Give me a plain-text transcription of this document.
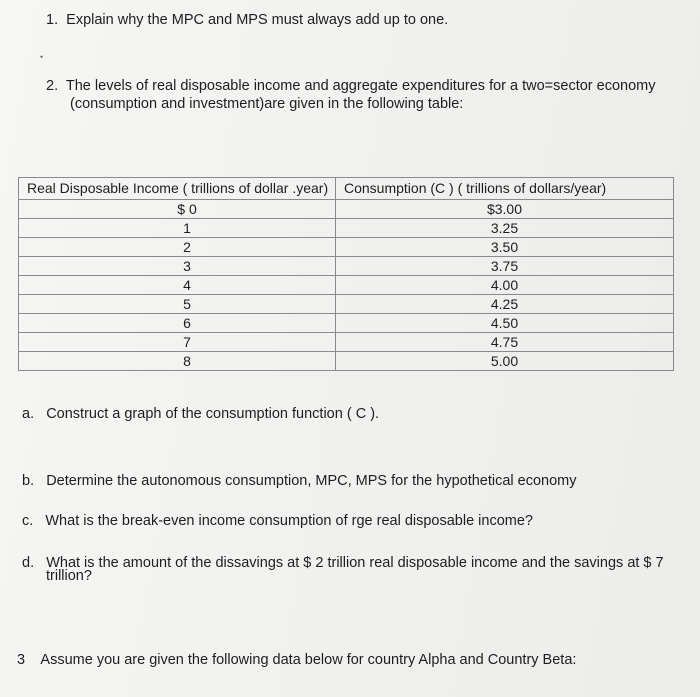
1. Explain why the MPC and MPS must always add up to one.
•
2. The levels of real disposable income and aggregate expenditures for a two=sector economy
(consumption and investment)are given in the following table:
Real Disposable Income ( trillions of dollar .year)	Consumption (C ) ( trillions of dollars/year)
$ 0	$3.00
1	3.25
2	3.50
3	3.75
4	4.00
5	4.25
6	4.50
7	4.75
8	5.00
a. Construct a graph of the consumption function ( C ).
b. Determine the autonomous consumption, MPC, MPS for the hypothetical economy
c. What is the break-even income consumption of rge real disposable income?
d. What is the amount of the dissavings at $ 2 trillion real disposable income and the savings at $ 7
trillion?
3 Assume you are given the following data below for country Alpha and Country Beta:
